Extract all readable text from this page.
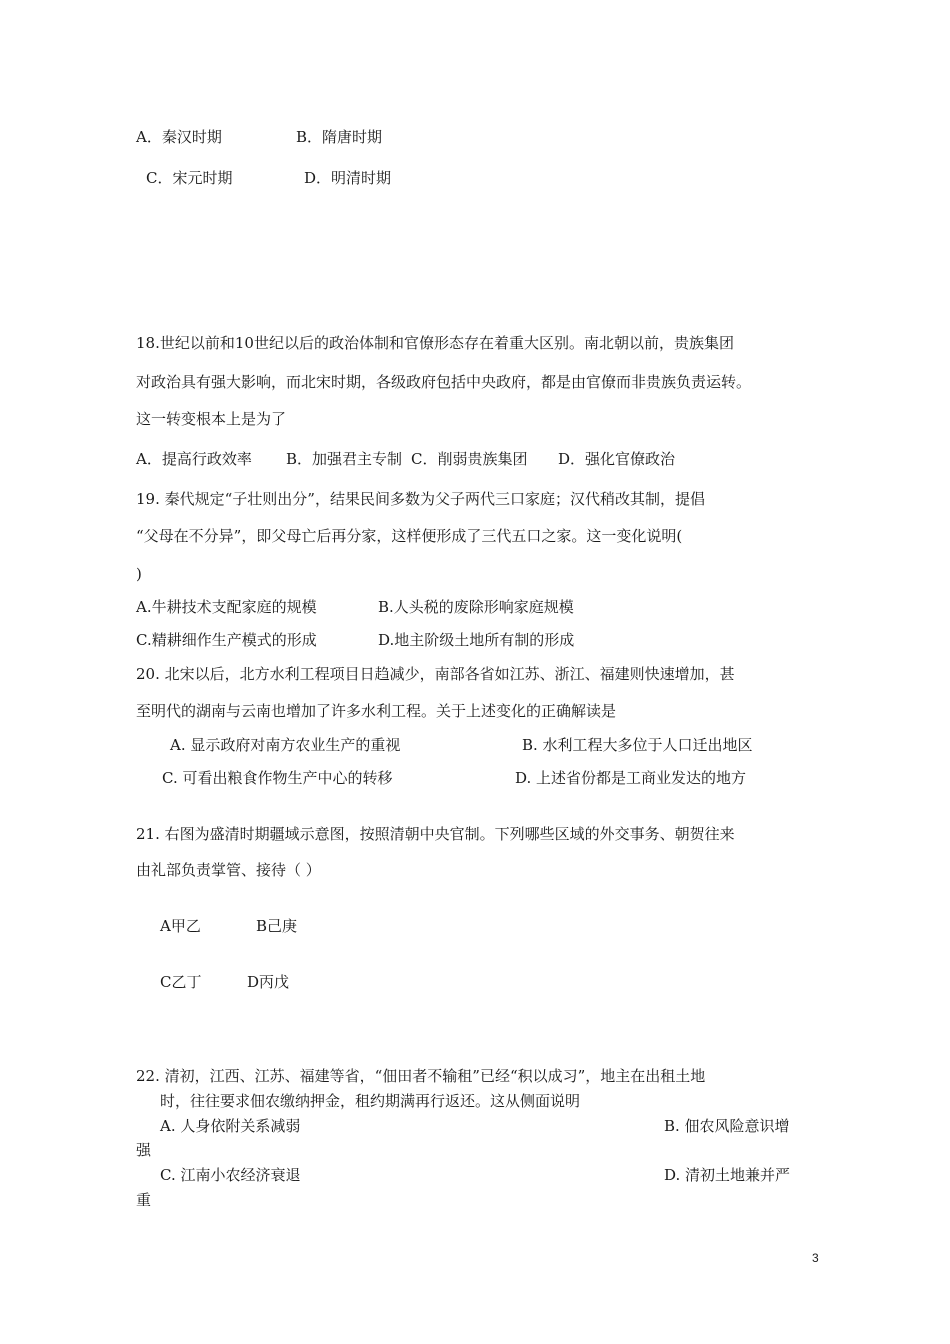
A．秦汉时期	B．隋唐时期
C．宋元时期	D．明清时期
18.世纪以前和10世纪以后的政治体制和官僚形态存在着重大区别。南北朝以前，贵族集团
对政治具有强大影响，而北宋时期，各级政府包括中央政府，都是由官僚而非贵族负责运转。
这一转变根本上是为了
A．提高行政效率 B．加强君主专制 C．削弱贵族集团 D．强化官僚政治
19. 秦代规定“子壮则出分”，结果民间多数为父子两代三口家庭；汉代稍改其制，提倡
“父母在不分异”，即父母亡后再分家，这样便形成了三代五口之家。这一变化说明(
)
A.牛耕技术支配家庭的规模	B.人头税的废除形响家庭规模
C.精耕细作生产模式的形成	D.地主阶级土地所有制的形成
20. 北宋以后，北方水利工程项目日趋减少，南部各省如江苏、浙江、福建则快速增加，甚
至明代的湖南与云南也增加了许多水利工程。关于上述变化的正确解读是
A. 显示政府对南方农业生产的重视	B. 水利工程大多位于人口迁出地区
C. 可看出粮食作物生产中心的转移	D. 上述省份都是工商业发达的地方
21. 右图为盛清时期疆域示意图，按照清朝中央官制。下列哪些区域的外交事务、朝贺往来
由礼部负责掌管、接待（ ）
A甲乙	B己庚
C乙丁	D丙戊
22. 清初，江西、江苏、福建等省，“佃田者不输租”已经“积以成习”，地主在出租土地
时，往往要求佃农缴纳押金，租约期满再行返还。这从侧面说明
A. 人身依附关系减弱	B. 佃农风险意识增
强
C. 江南小农经济衰退	D. 清初土地兼并严
重
3
